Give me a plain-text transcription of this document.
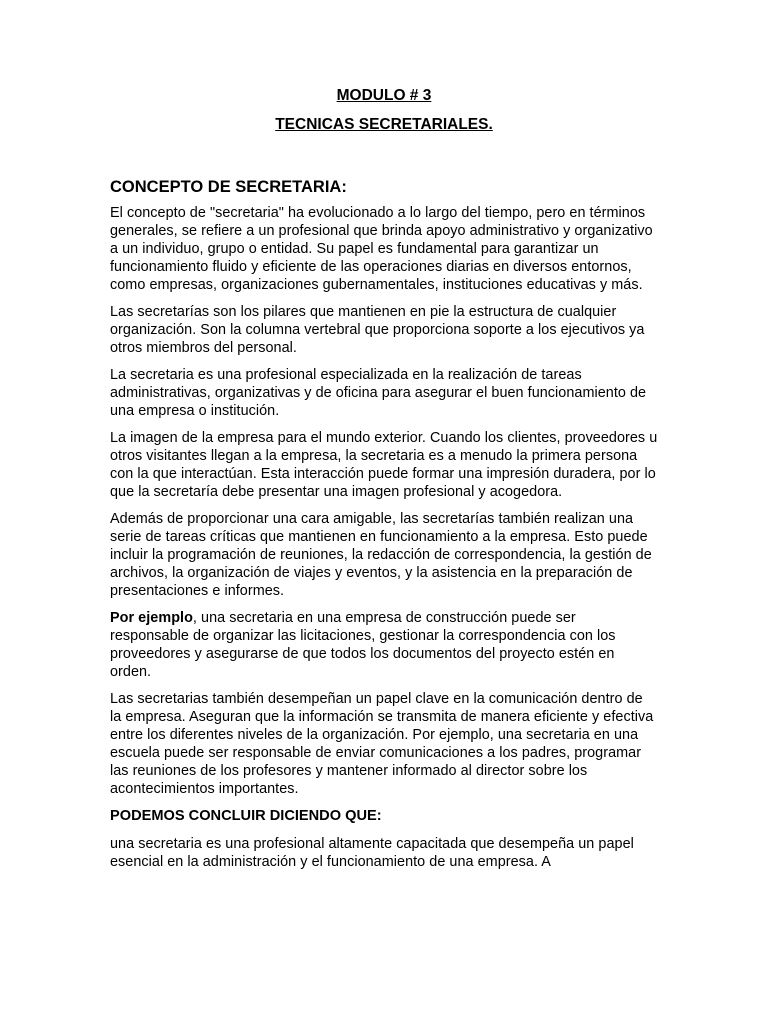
MODULO # 3

TECNICAS SECRETARIALES.

CONCEPTO DE SECRETARIA:

El concepto de "secretaria" ha evolucionado a lo largo del tiempo, pero en términos generales, se refiere a un profesional que brinda apoyo administrativo y organizativo a un individuo, grupo o entidad. Su papel es fundamental para garantizar un funcionamiento fluido y eficiente de las operaciones diarias en diversos entornos, como empresas, organizaciones gubernamentales, instituciones educativas y más.

Las secretarías son los pilares que mantienen en pie la estructura de cualquier organización. Son la columna vertebral que proporciona soporte a los ejecutivos ya otros miembros del personal.

La secretaria es una profesional especializada en la realización de tareas administrativas, organizativas y de oficina para asegurar el buen funcionamiento de una empresa o institución.

La imagen de la empresa para el mundo exterior. Cuando los clientes, proveedores u otros visitantes llegan a la empresa, la secretaria es a menudo la primera persona con la que interactúan. Esta interacción puede formar una impresión duradera, por lo que la secretaría debe presentar una imagen profesional y acogedora.

Además de proporcionar una cara amigable, las secretarías también realizan una serie de tareas críticas que mantienen en funcionamiento a la empresa. Esto puede incluir la programación de reuniones, la redacción de correspondencia, la gestión de archivos, la organización de viajes y eventos, y la asistencia en la preparación de presentaciones e informes.

Por ejemplo, una secretaria en una empresa de construcción puede ser responsable de organizar las licitaciones, gestionar la correspondencia con los proveedores y asegurarse de que todos los documentos del proyecto estén en orden.

Las secretarias también desempeñan un papel clave en la comunicación dentro de la empresa. Aseguran que la información se transmita de manera eficiente y efectiva entre los diferentes niveles de la organización. Por ejemplo, una secretaria en una escuela puede ser responsable de enviar comunicaciones a los padres, programar las reuniones de los profesores y mantener informado al director sobre los acontecimientos importantes.

PODEMOS CONCLUIR DICIENDO QUE:

una secretaria es una profesional altamente capacitada que desempeña un papel esencial en la administración y el funcionamiento de una empresa. A
